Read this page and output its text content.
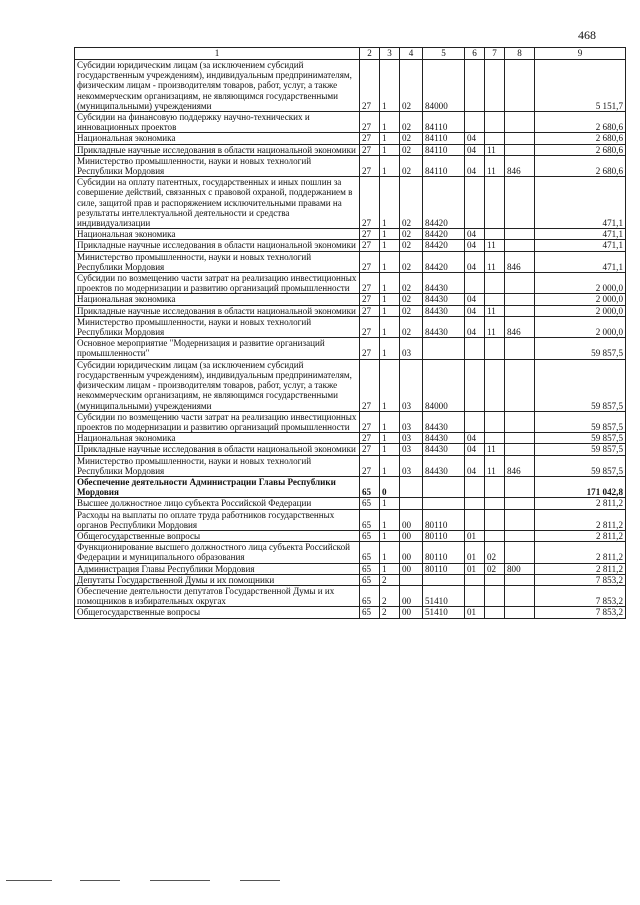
468
1	2	3	4	5	6	7	8	9
Субсидии юридическим лицам (за исключением субсидий государственным учреждениям), индивидуальным предпринимателям, физическим лицам - производителям товаров, работ, услуг, а также некоммерческим организациям, не являющимся государственными (муниципальными) учреждениями	27	1	02	84000				5 151,7
Субсидии на финансовую поддержку научно-технических и инновационных проектов	27	1	02	84110				2 680,6
Национальная экономика	27	1	02	84110	04			2 680,6
Прикладные научные исследования в области национальной экономики	27	1	02	84110	04	11		2 680,6
Министерство промышленности, науки и новых технологий Республики Мордовия	27	1	02	84110	04	11	846	2 680,6
Субсидии на оплату патентных, государственных и иных пошлин за совершение действий, связанных с правовой охраной, поддержанием в силе, защитой прав и распоряжением исключительными правами на результаты интеллектуальной деятельности и средства индивидуализации	27	1	02	84420				471,1
Национальная экономика	27	1	02	84420	04			471,1
Прикладные научные исследования в области национальной экономики	27	1	02	84420	04	11		471,1
Министерство промышленности, науки и новых технологий Республики Мордовия	27	1	02	84420	04	11	846	471,1
Субсидии по возмещению части затрат на реализацию инвестиционных проектов по модернизации и развитию организаций промышленности	27	1	02	84430				2 000,0
Национальная экономика	27	1	02	84430	04			2 000,0
Прикладные научные исследования в области национальной экономики	27	1	02	84430	04	11		2 000,0
Министерство промышленности, науки и новых технологий Республики Мордовия	27	1	02	84430	04	11	846	2 000,0
Основное мероприятие "Модернизация и развитие организаций промышленности"	27	1	03					59 857,5
Субсидии юридическим лицам (за исключением субсидий государственным учреждениям), индивидуальным предпринимателям, физическим лицам - производителям товаров, работ, услуг, а также некоммерческим организациям, не являющимся государственными (муниципальными) учреждениями	27	1	03	84000				59 857,5
Субсидии по возмещению части затрат на реализацию инвестиционных проектов по модернизации и развитию организаций промышленности	27	1	03	84430				59 857,5
Национальная экономика	27	1	03	84430	04			59 857,5
Прикладные научные исследования в области национальной экономики	27	1	03	84430	04	11		59 857,5
Министерство промышленности, науки и новых технологий Республики Мордовия	27	1	03	84430	04	11	846	59 857,5
Обеспечение деятельности Администрации Главы Республики Мордовия	65	0						171 042,8
Высшее должностное лицо субъекта Российской Федерации	65	1						2 811,2
Расходы на выплаты по оплате труда работников государственных органов Республики Мордовия	65	1	00	80110				2 811,2
Общегосударственные вопросы	65	1	00	80110	01			2 811,2
Функционирование высшего должностного лица субъекта Российской Федерации и муниципального образования	65	1	00	80110	01	02		2 811,2
Администрация Главы Республики Мордовия	65	1	00	80110	01	02	800	2 811,2
Депутаты Государственной Думы и их помощники	65	2						7 853,2
Обеспечение деятельности депутатов Государственной Думы и их помощников в избирательных округах	65	2	00	51410				7 853,2
Общегосударственные вопросы	65	2	00	51410	01			7 853,2
